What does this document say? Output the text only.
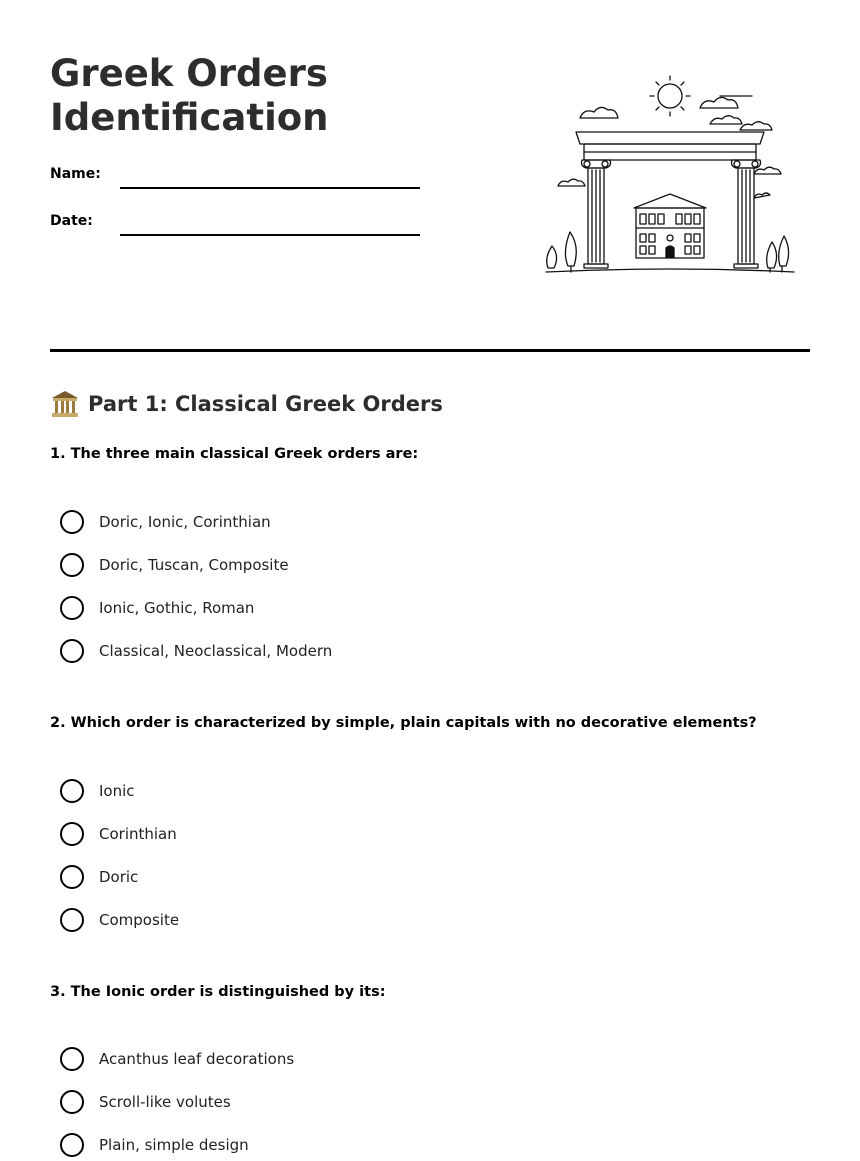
Greek Orders
Identification
Name:
Date:
Part 1: Classical Greek Orders

1. The three main classical Greek orders are:

Doric, Ionic, Corinthian
Doric, Tuscan, Composite
Ionic, Gothic, Roman
Classical, Neoclassical, Modern

2. Which order is characterized by simple, plain capitals with no decorative elements?

Ionic
Corinthian
Doric
Composite

3. The Ionic order is distinguished by its:

Acanthus leaf decorations
Scroll-like volutes
Plain, simple design
